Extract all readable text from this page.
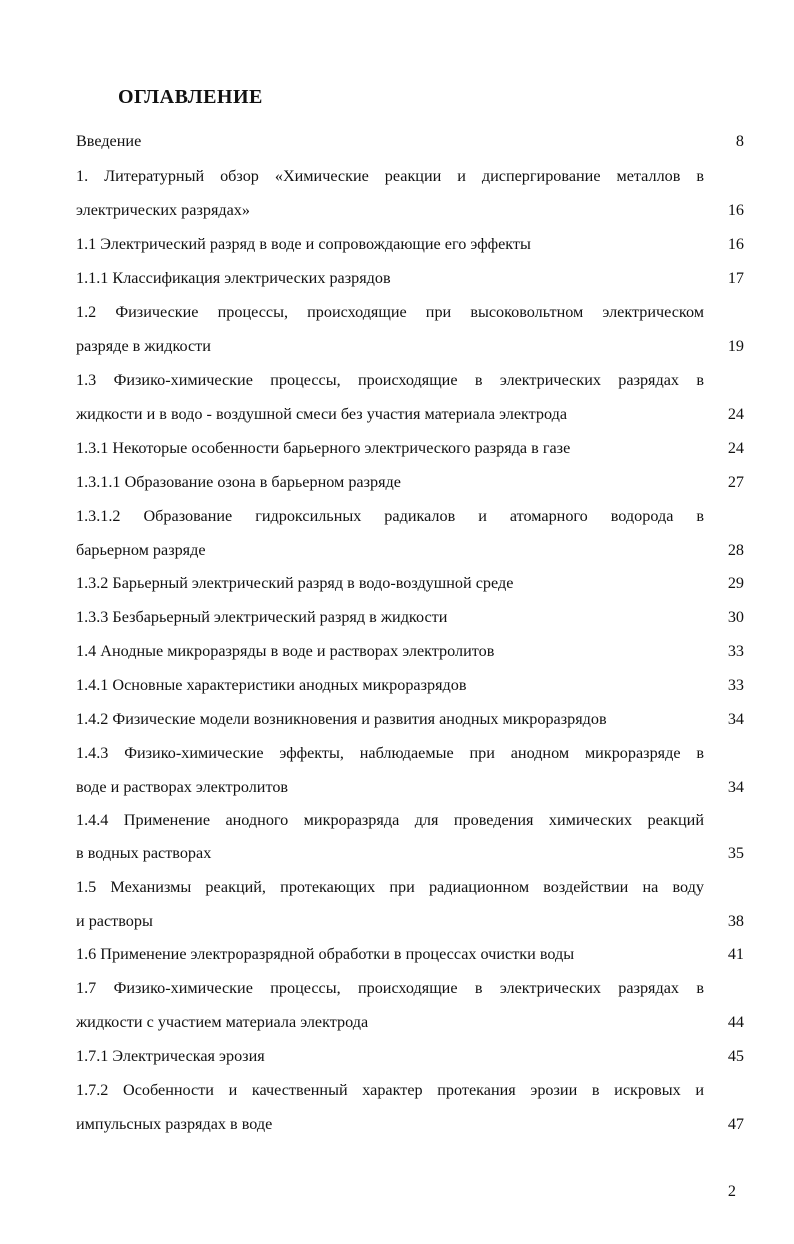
ОГЛАВЛЕНИЕ
Введение	8
1. Литературный обзор «Химические реакции и диспергирование металлов в
электрических разрядах»	16
1.1 Электрический разряд в воде и сопровождающие его эффекты	16
1.1.1 Классификация электрических разрядов	17
1.2 Физические процессы, происходящие при высоковольтном электрическом
разряде в жидкости	19
1.3 Физико-химические процессы, происходящие в электрических разрядах в
жидкости и в водо - воздушной смеси без участия материала электрода	24
1.3.1 Некоторые особенности барьерного электрического разряда в газе	24
1.3.1.1 Образование озона в барьерном разряде	27
1.3.1.2 Образование гидроксильных радикалов и атомарного водорода в
барьерном разряде	28
1.3.2 Барьерный электрический разряд в водо-воздушной среде	29
1.3.3 Безбарьерный электрический разряд в жидкости	30
1.4 Анодные микроразряды в воде и растворах электролитов	33
1.4.1 Основные характеристики анодных микроразрядов	33
1.4.2 Физические модели возникновения и развития анодных микроразрядов	34
1.4.3 Физико-химические эффекты, наблюдаемые при анодном микроразряде в
воде и растворах электролитов	34
1.4.4 Применение анодного микроразряда для проведения химических реакций
в водных растворах	35
1.5 Механизмы реакций, протекающих при радиационном воздействии на воду
и растворы	38
1.6 Применение электроразрядной обработки в процессах очистки воды	41
1.7 Физико-химические процессы, происходящие в электрических разрядах в
жидкости с участием материала электрода	44
1.7.1 Электрическая эрозия	45
1.7.2 Особенности и качественный характер протекания эрозии в искровых и
импульсных разрядах в воде	47
2
